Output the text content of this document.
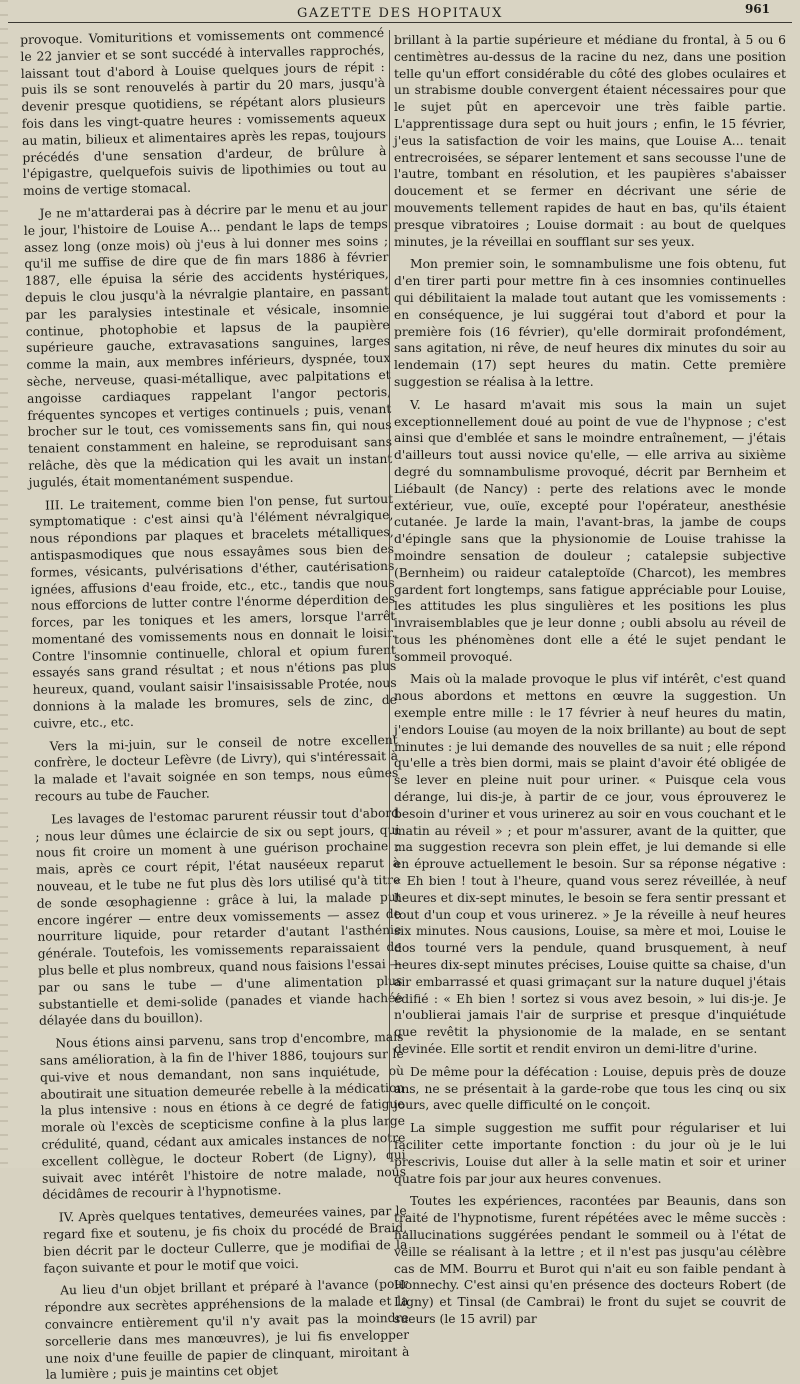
GAZETTE DES HOPITAUX	961

provoque. Vomituritions et vomissements ont commencé le 22 janvier et se sont succédé à intervalles rapprochés, laissant tout d'abord à Louise quelques jours de répit : puis ils se sont renouvelés à partir du 20 mars, jusqu'à devenir presque quotidiens, se répétant alors plusieurs fois dans les vingt-quatre heures : vomissements aqueux au matin, bilieux et alimentaires après les repas, toujours précédés d'une sensation d'ardeur, de brûlure à l'épigastre, quelquefois suivis de lipothimies ou tout au moins de vertige stomacal.

Je ne m'attarderai pas à décrire par le menu et au jour le jour, l'histoire de Louise A... pendant le laps de temps assez long (onze mois) où j'eus à lui donner mes soins ; qu'il me suffise de dire que de fin mars 1886 à février 1887, elle épuisa la série des accidents hystériques, depuis le clou jusqu'à la névralgie plantaire, en passant par les paralysies intestinale et vésicale, insomnie continue, photophobie et lapsus de la paupière supérieure gauche, extravasations sanguines, larges comme la main, aux membres inférieurs, dyspnée, toux sèche, nerveuse, quasi-métallique, avec palpitations et angoisse cardiaques rappelant l'angor pectoris, fréquentes syncopes et vertiges continuels ; puis, venant brocher sur le tout, ces vomissements sans fin, qui nous tenaient constamment en haleine, se reproduisant sans relâche, dès que la médication qui les avait un instant jugulés, était momentanément suspendue.

III. Le traitement, comme bien l'on pense, fut surtout symptomatique : c'est ainsi qu'à l'élément névralgique, nous répondions par plaques et bracelets métalliques, antispasmodiques que nous essayâmes sous bien des formes, vésicants, pulvérisations d'éther, cautérisations ignées, affusions d'eau froide, etc., etc., tandis que nous nous efforcions de lutter contre l'énorme déperdition des forces, par les toniques et les amers, lorsque l'arrêt momentané des vomissements nous en donnait le loisir. Contre l'insomnie continuelle, chloral et opium furent essayés sans grand résultat ; et nous n'étions pas plus heureux, quand, voulant saisir l'insaisissable Protée, nous donnions à la malade les bromures, sels de zinc, de cuivre, etc., etc.

Vers la mi-juin, sur le conseil de notre excellent confrère, le docteur Lefèvre (de Livry), qui s'intéressait à la malade et l'avait soignée en son temps, nous eûmes recours au tube de Faucher.

Les lavages de l'estomac parurent réussir tout d'abord ; nous leur dûmes une éclaircie de six ou sept jours, qui nous fit croire un moment à une guérison prochaine ; mais, après ce court répit, l'état nauséeux reparut à nouveau, et le tube ne fut plus dès lors utilisé qu'à titre de sonde œsophagienne : grâce à lui, la malade put encore ingérer — entre deux vomissements — assez de nourriture liquide, pour retarder d'autant l'asthénie générale. Toutefois, les vomissements reparaissaient de plus belle et plus nombreux, quand nous faisions l'essai — par ou sans le tube — d'une alimentation plus substantielle et demi-solide (panades et viande hachée délayée dans du bouillon).

Nous étions ainsi parvenu, sans trop d'encombre, mais sans amélioration, à la fin de l'hiver 1886, toujours sur le qui-vive et nous demandant, non sans inquiétude, où aboutirait une situation demeurée rebelle à la médication la plus intensive : nous en étions à ce degré de fatigue morale où l'excès de scepticisme confine à la plus large crédulité, quand, cédant aux amicales instances de notre excellent collègue, le docteur Robert (de Ligny), qui suivait avec intérêt l'histoire de notre malade, nous décidâmes de recourir à l'hypnotisme.

IV. Après quelques tentatives, demeurées vaines, par le regard fixe et soutenu, je fis choix du procédé de Braid, bien décrit par le docteur Cullerre, que je modifiai de la façon suivante et pour le motif que voici.

Au lieu d'un objet brillant et préparé à l'avance (pour répondre aux secrètes appréhensions de la malade et la convaincre entièrement qu'il n'y avait pas la moindre sorcellerie dans mes manœuvres), je lui fis envelopper une noix d'une feuille de papier de clinquant, miroitant à la lumière ; puis je maintins cet objet

brillant à la partie supérieure et médiane du frontal, à 5 ou 6 centimètres au-dessus de la racine du nez, dans une position telle qu'un effort considérable du côté des globes oculaires et un strabisme double convergent étaient nécessaires pour que le sujet pût en apercevoir une très faible partie. L'apprentissage dura sept ou huit jours ; enfin, le 15 février, j'eus la satisfaction de voir les mains, que Louise A... tenait entrecroisées, se séparer lentement et sans secousse l'une de l'autre, tombant en résolution, et les paupières s'abaisser doucement et se fermer en décrivant une série de mouvements tellement rapides de haut en bas, qu'ils étaient presque vibratoires ; Louise dormait : au bout de quelques minutes, je la réveillai en soufflant sur ses yeux.

Mon premier soin, le somnambulisme une fois obtenu, fut d'en tirer parti pour mettre fin à ces insomnies continuelles qui débilitaient la malade tout autant que les vomissements : en conséquence, je lui suggérai tout d'abord et pour la première fois (16 février), qu'elle dormirait profondément, sans agitation, ni rêve, de neuf heures dix minutes du soir au lendemain (17) sept heures du matin. Cette première suggestion se réalisa à la lettre.

V. Le hasard m'avait mis sous la main un sujet exceptionnellement doué au point de vue de l'hypnose ; c'est ainsi que d'emblée et sans le moindre entraînement, — j'étais d'ailleurs tout aussi novice qu'elle, — elle arriva au sixième degré du somnambulisme provoqué, décrit par Bernheim et Liébault (de Nancy) : perte des relations avec le monde extérieur, vue, ouïe, excepté pour l'opérateur, anesthésie cutanée. Je larde la main, l'avant-bras, la jambe de coups d'épingle sans que la physionomie de Louise trahisse la moindre sensation de douleur ; catalepsie subjective (Bernheim) ou raideur cataleptoïde (Charcot), les membres gardent fort longtemps, sans fatigue appréciable pour Louise, les attitudes les plus singulières et les positions les plus invraisemblables que je leur donne ; oubli absolu au réveil de tous les phénomènes dont elle a été le sujet pendant le sommeil provoqué.

Mais où la malade provoque le plus vif intérêt, c'est quand nous abordons et mettons en œuvre la suggestion. Un exemple entre mille : le 17 février à neuf heures du matin, j'endors Louise (au moyen de la noix brillante) au bout de sept minutes : je lui demande des nouvelles de sa nuit ; elle répond qu'elle a très bien dormi, mais se plaint d'avoir été obligée de se lever en pleine nuit pour uriner. « Puisque cela vous dérange, lui dis-je, à partir de ce jour, vous éprouverez le besoin d'uriner et vous urinerez au soir en vous couchant et le matin au réveil » ; et pour m'assurer, avant de la quitter, que ma suggestion recevra son plein effet, je lui demande si elle en éprouve actuellement le besoin. Sur sa réponse négative : « Eh bien ! tout à l'heure, quand vous serez réveillée, à neuf heures et dix-sept minutes, le besoin se fera sentir pressant et tout d'un coup et vous urinerez. » Je la réveille à neuf heures six minutes. Nous causions, Louise, sa mère et moi, Louise le dos tourné vers la pendule, quand brusquement, à neuf heures dix-sept minutes précises, Louise quitte sa chaise, d'un air embarrassé et quasi grimaçant sur la nature duquel j'étais édifié : « Eh bien ! sortez si vous avez besoin, » lui dis-je. Je n'oublierai jamais l'air de surprise et presque d'inquiétude que revêtit la physionomie de la malade, en se sentant devinée. Elle sortit et rendit environ un demi-litre d'urine.

De même pour la défécation : Louise, depuis près de douze ans, ne se présentait à la garde-robe que tous les cinq ou six jours, avec quelle difficulté on le conçoit.

La simple suggestion me suffit pour régulariser et lui faciliter cette importante fonction : du jour où je le lui prescrivis, Louise dut aller à la selle matin et soir et uriner quatre fois par jour aux heures convenues.

Toutes les expériences, racontées par Beaunis, dans son traité de l'hypnotisme, furent répétées avec le même succès : hallucinations suggérées pendant le sommeil ou à l'état de veille se réalisant à la lettre ; et il n'est pas jusqu'au célèbre cas de MM. Bourru et Burot qui n'ait eu son faible pendant à Honnechy. C'est ainsi qu'en présence des docteurs Robert (de Ligny) et Tinsal (de Cambrai) le front du sujet se couvrit de sueurs (le 15 avril) par
